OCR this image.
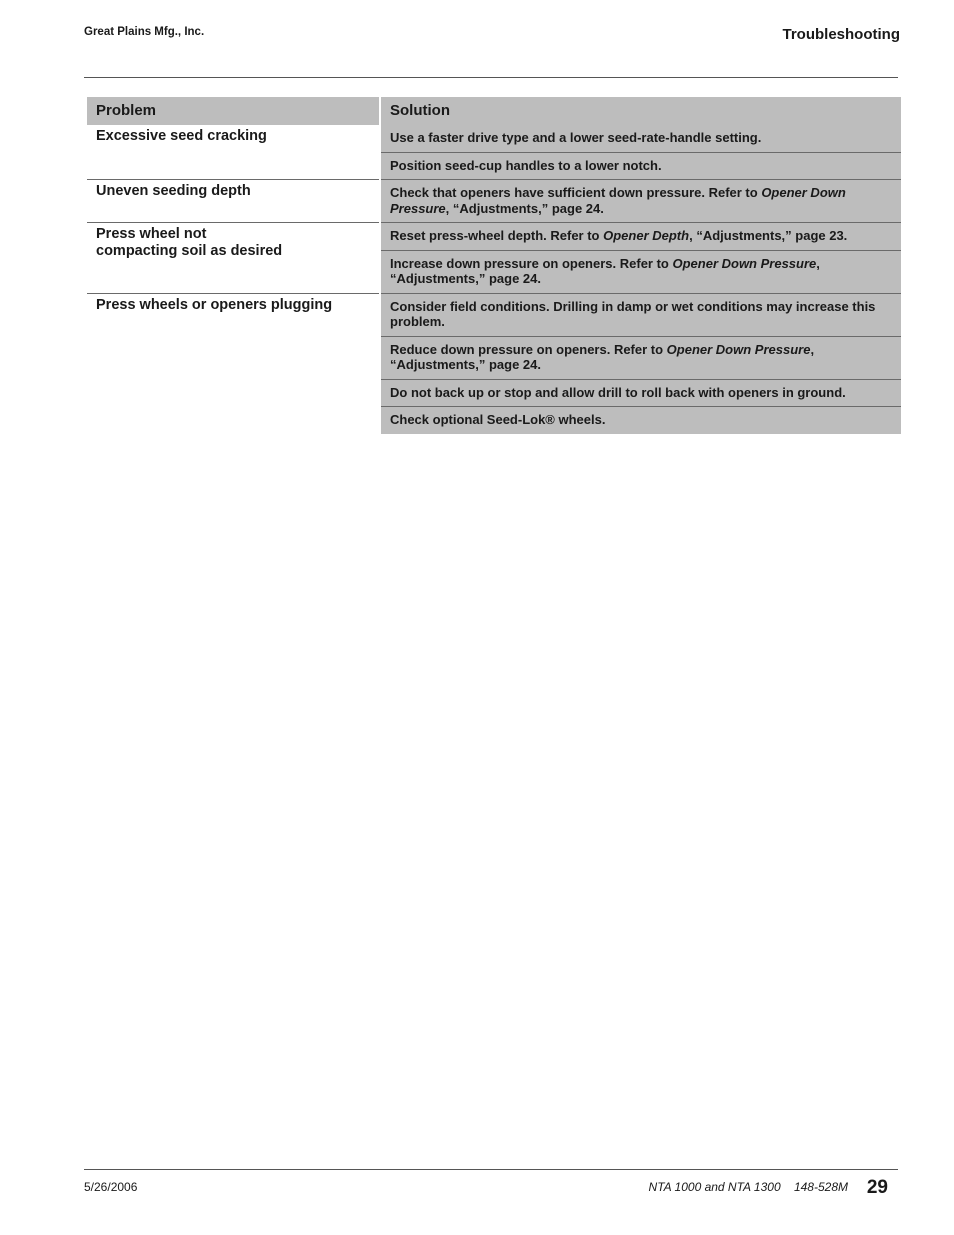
Great Plains Mfg., Inc.	Troubleshooting
Problem	Solution
Excessive seed cracking	Use a faster drive type and a lower seed-rate-handle setting.
	Position seed-cup handles to a lower notch.
Uneven seeding depth	Check that openers have sufficient down pressure. Refer to Opener Down Pressure, “Adjustments,” page 24.
Press wheel not
compacting soil as desired	Reset press-wheel depth. Refer to Opener Depth, “Adjustments,” page 23.
	Increase down pressure on openers. Refer to Opener Down Pressure, “Adjustments,” page 24.
Press wheels or openers plugging	Consider field conditions. Drilling in damp or wet conditions may increase this problem.
	Reduce down pressure on openers. Refer to Opener Down Pressure, “Adjustments,” page 24.
	Do not back up or stop and allow drill to roll back with openers in ground.
	Check optional Seed-Lok® wheels.
5/26/2006	NTA 1000 and NTA 1300    148-528M 29
